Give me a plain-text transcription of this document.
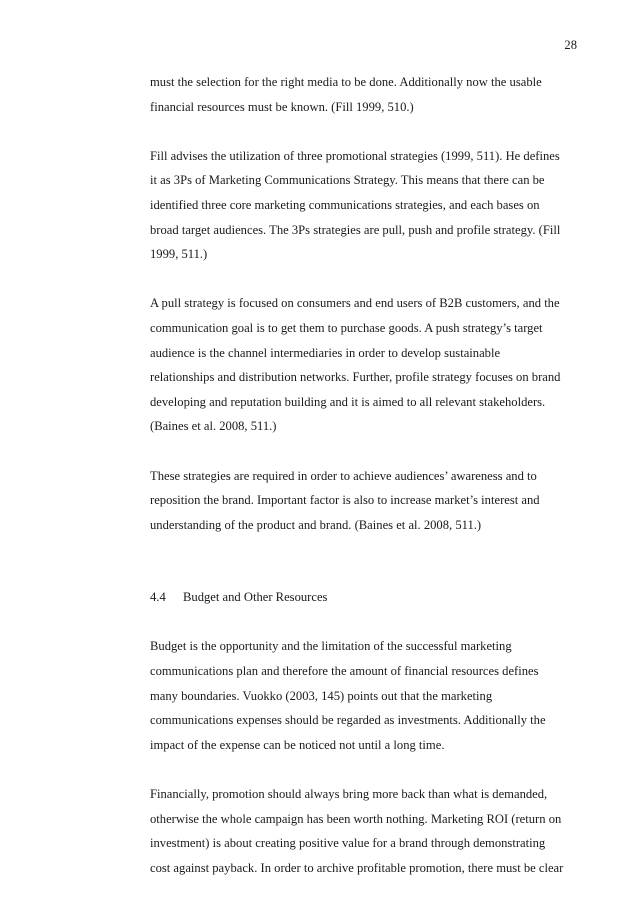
28

must the selection for the right media to be done. Additionally now the usable
financial resources must be known. (Fill 1999, 510.)

Fill advises the utilization of three promotional strategies (1999, 511). He defines
it as 3Ps of Marketing Communications Strategy. This means that there can be
identified three core marketing communications strategies, and each bases on
broad target audiences. The 3Ps strategies are pull, push and profile strategy. (Fill
1999, 511.)

A pull strategy is focused on consumers and end users of B2B customers, and the
communication goal is to get them to purchase goods. A push strategy’s target
audience is the channel intermediaries in order to develop sustainable
relationships and distribution networks. Further, profile strategy focuses on brand
developing and reputation building and it is aimed to all relevant stakeholders.
(Baines et al. 2008, 511.)

These strategies are required in order to achieve audiences’ awareness and to
reposition the brand. Important factor is also to increase market’s interest and
understanding of the product and brand. (Baines et al. 2008, 511.)

4.4 Budget and Other Resources

Budget is the opportunity and the limitation of the successful marketing
communications plan and therefore the amount of financial resources defines
many boundaries. Vuokko (2003, 145) points out that the marketing
communications expenses should be regarded as investments. Additionally the
impact of the expense can be noticed not until a long time.

Financially, promotion should always bring more back than what is demanded,
otherwise the whole campaign has been worth nothing. Marketing ROI (return on
investment) is about creating positive value for a brand through demonstrating
cost against payback. In order to archive profitable promotion, there must be clear
